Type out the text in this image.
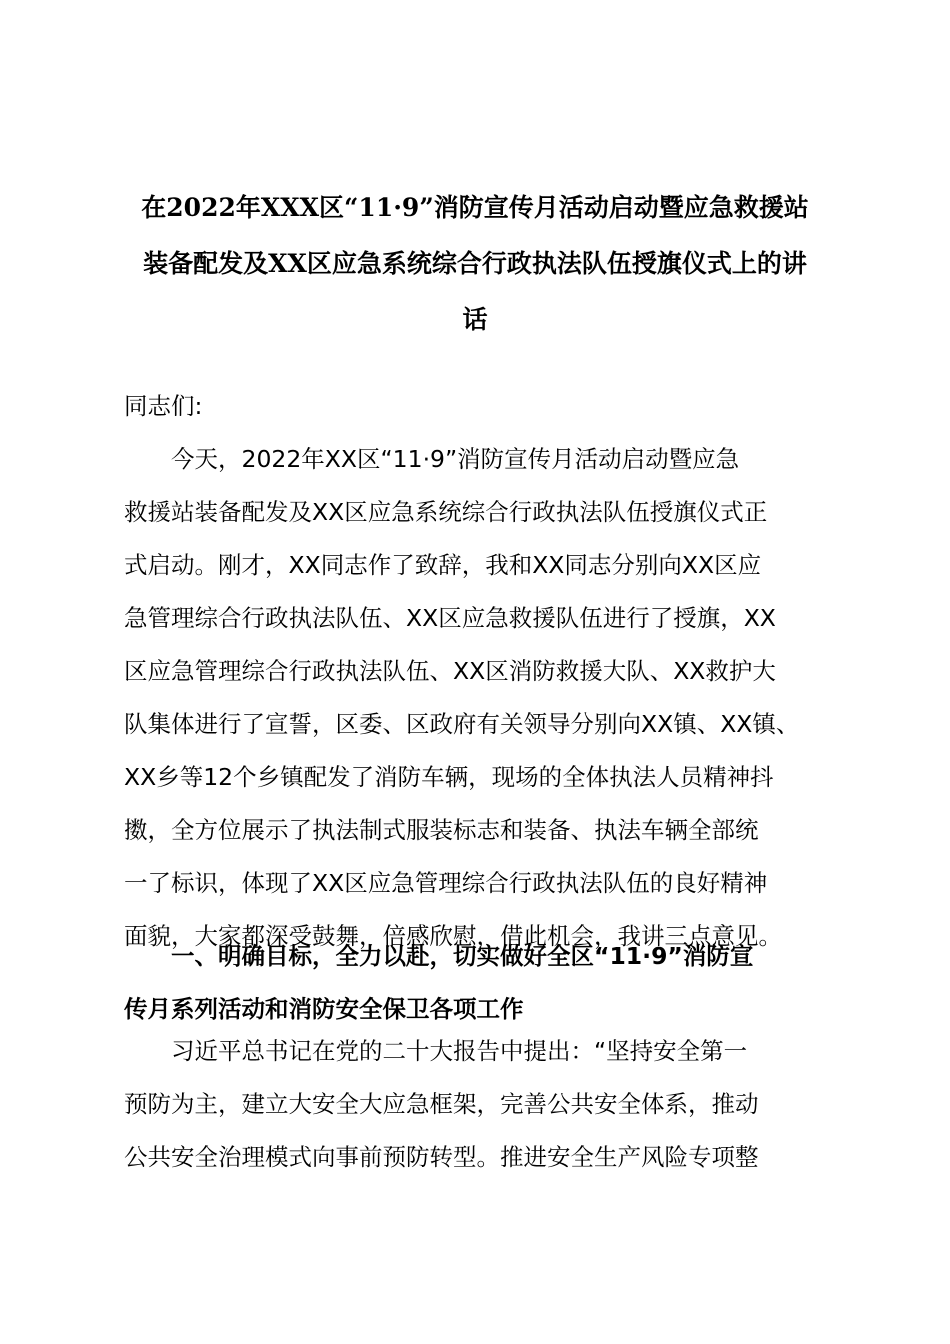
在2022年XXX区“11·9”消防宣传月活动启动暨应急救援站
装备配发及XX区应急系统综合行政执法队伍授旗仪式上的讲
话
同志们:
今天，2022年XX区“11·9”消防宣传月活动启动暨应急
救援站装备配发及XX区应急系统综合行政执法队伍授旗仪式正
式启动。刚才，XX同志作了致辞，我和XX同志分别向XX区应
急管理综合行政执法队伍、XX区应急救援队伍进行了授旗，XX
区应急管理综合行政执法队伍、XX区消防救援大队、XX救护大
队集体进行了宣誓，区委、区政府有关领导分别向XX镇、XX镇、
XX乡等12个乡镇配发了消防车辆，现场的全体执法人员精神抖
擞，全方位展示了执法制式服装标志和装备、执法车辆全部统
一了标识，体现了XX区应急管理综合行政执法队伍的良好精神
面貌，大家都深受鼓舞，倍感欣慰，借此机会，我讲三点意见。
一、明确目标，全力以赴，切实做好全区“11·9”消防宣
传月系列活动和消防安全保卫各项工作
习近平总书记在党的二十大报告中提出：“坚持安全第一
预防为主，建立大安全大应急框架，完善公共安全体系，推动
公共安全治理模式向事前预防转型。推进安全生产风险专项整
